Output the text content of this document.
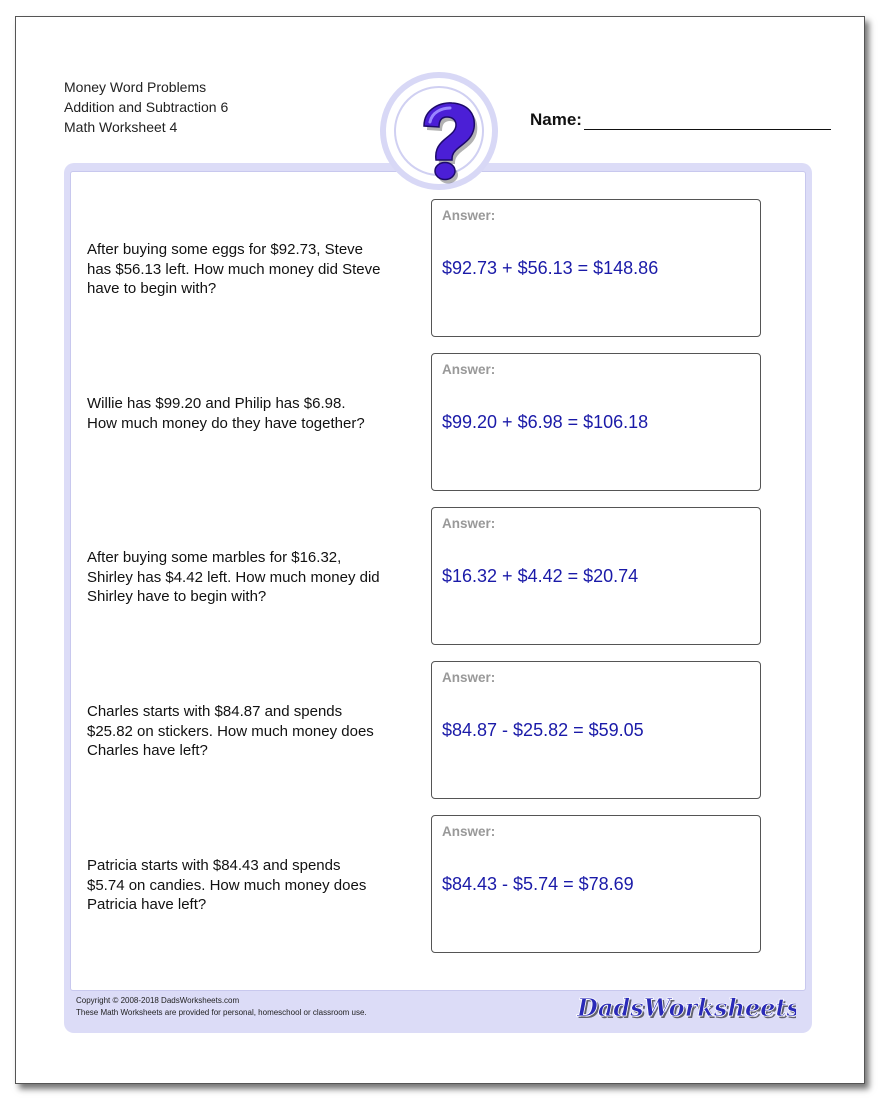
Money Word Problems
Addition and Subtraction 6
Math Worksheet 4	Name:
After buying some eggs for $92.73, Steve
has $56.13 left. How much money did Steve
have to begin with?
Answer:
$92.73 + $56.13 = $148.86
Willie has $99.20 and Philip has $6.98.
How much money do they have together?
Answer:
$99.20 + $6.98 = $106.18
After buying some marbles for $16.32,
Shirley has $4.42 left. How much money did
Shirley have to begin with?
Answer:
$16.32 + $4.42 = $20.74
Charles starts with $84.87 and spends
$25.82 on stickers. How much money does
Charles have left?
Answer:
$84.87 - $25.82 = $59.05
Patricia starts with $84.43 and spends
$5.74 on candies. How much money does
Patricia have left?
Answer:
$84.43 - $5.74 = $78.69
Copyright © 2008-2018 DadsWorksheets.com
These Math Worksheets are provided for personal, homeschool or classroom use.	DadsWorksheet
DadsWorksheet
